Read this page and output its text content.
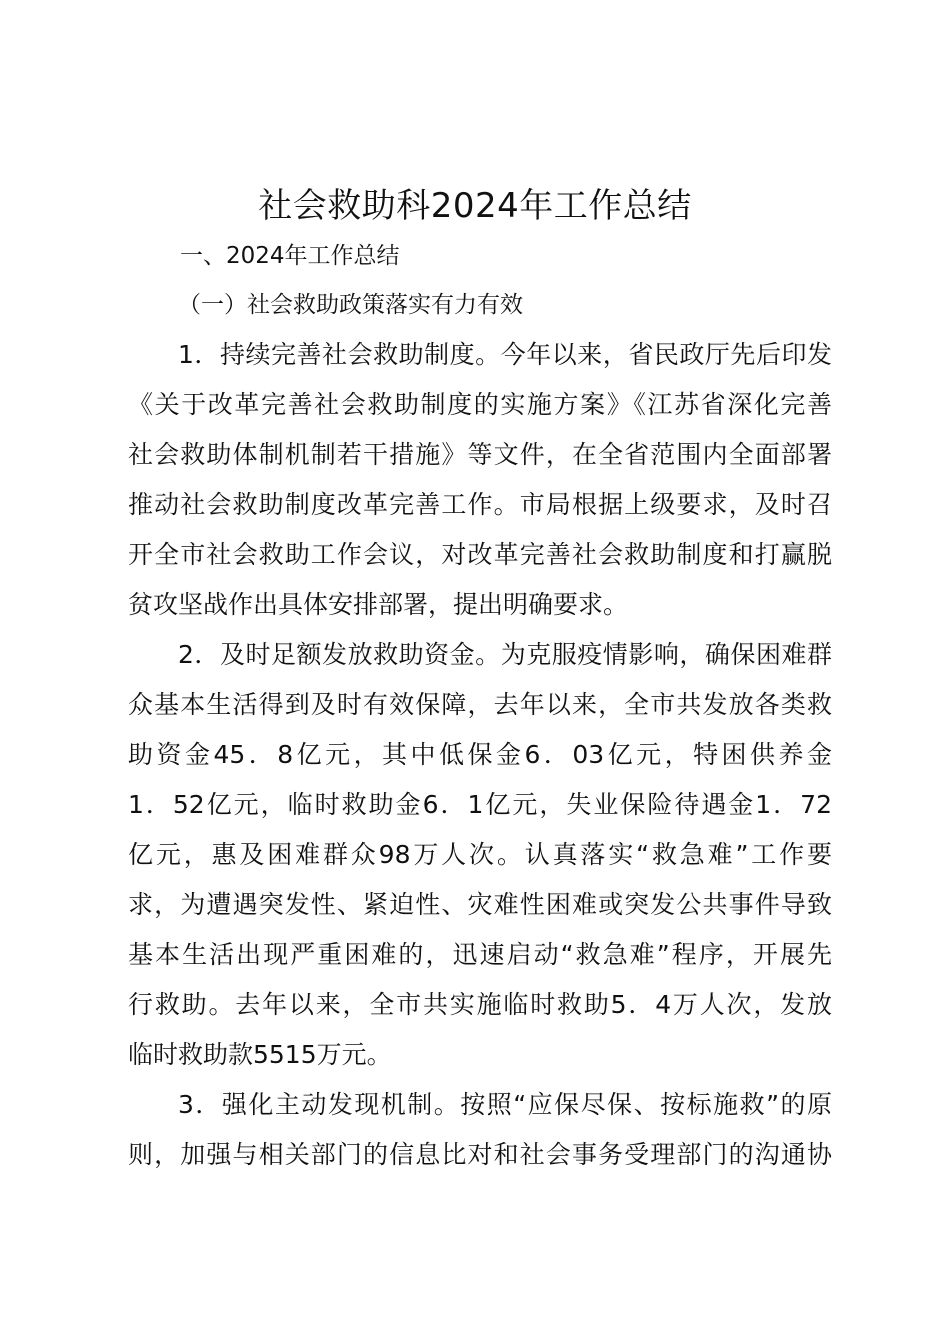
社会救助科2024年工作总结
一、2024年工作总结
（一）社会救助政策落实有力有效
1．持续完善社会救助制度。今年以来，省民政厅先后印发
《关于改革完善社会救助制度的实施方案》《江苏省深化完善
社会救助体制机制若干措施》等文件，在全省范围内全面部署
推动社会救助制度改革完善工作。市局根据上级要求，及时召
开全市社会救助工作会议，对改革完善社会救助制度和打赢脱
贫攻坚战作出具体安排部署，提出明确要求。
2．及时足额发放救助资金。为克服疫情影响，确保困难群
众基本生活得到及时有效保障，去年以来，全市共发放各类救
助资金45．8亿元，其中低保金6．03亿元，特困供养金
1．52亿元，临时救助金6．1亿元，失业保险待遇金1．72
亿元，惠及困难群众98万人次。认真落实“救急难”工作要
求，为遭遇突发性、紧迫性、灾难性困难或突发公共事件导致
基本生活出现严重困难的，迅速启动“救急难”程序，开展先
行救助。去年以来，全市共实施临时救助5．4万人次，发放
临时救助款5515万元。
3．强化主动发现机制。按照“应保尽保、按标施救”的原
则，加强与相关部门的信息比对和社会事务受理部门的沟通协
